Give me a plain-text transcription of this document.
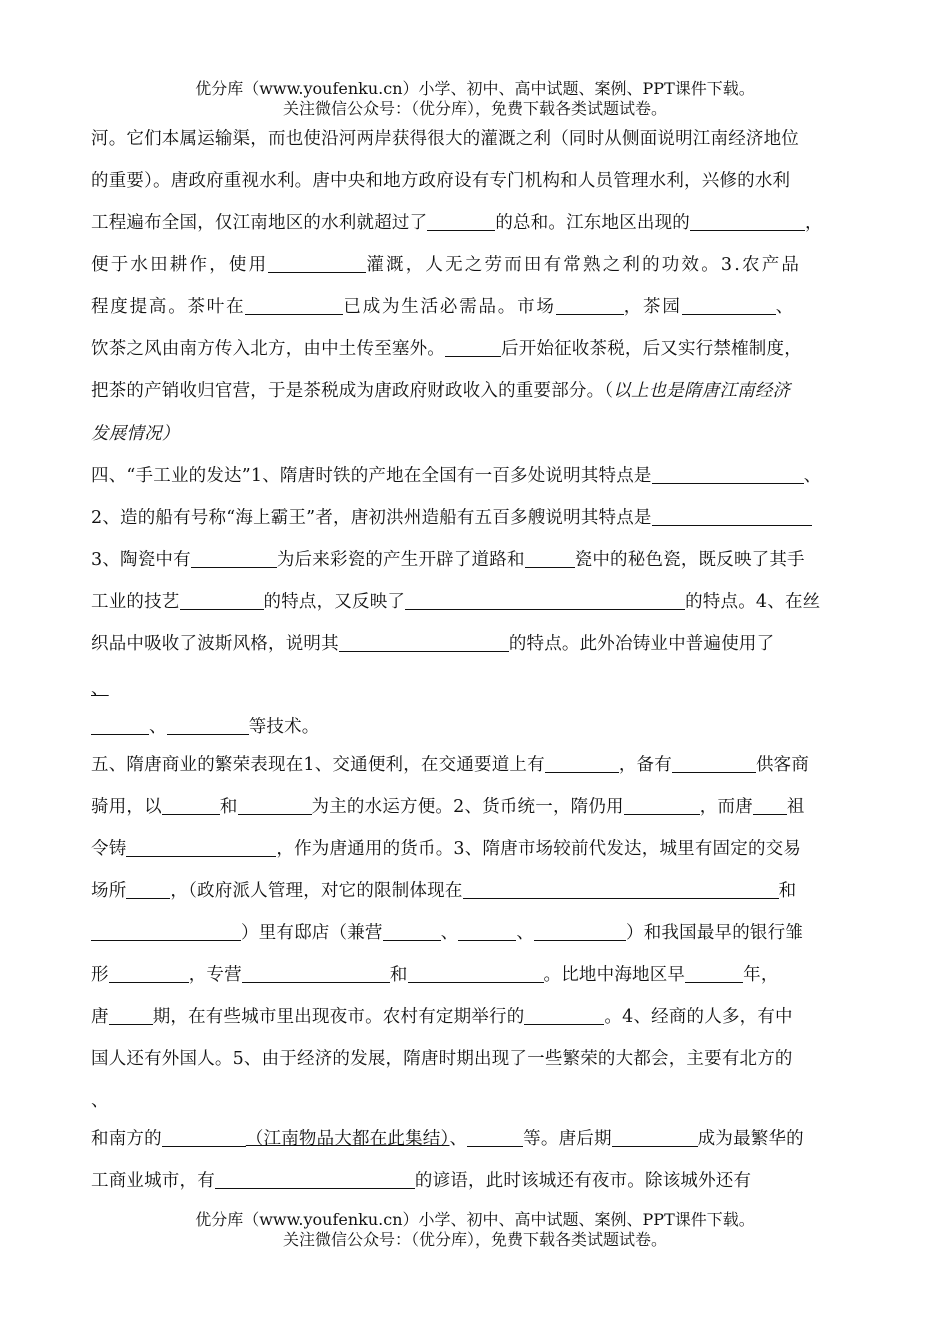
优分库（www.youfenku.cn）小学、初中、高中试题、案例、PPT课件下载。
关注微信公众号：（优分库），免费下载各类试题试卷。
河。它们本属运输渠，而也使沿河两岸获得很大的灌溉之利（同时从侧面说明江南经济地位
的重要）。唐政府重视水利。唐中央和地方政府设有专门机构和人员管理水利，兴修的水利
工程遍布全国，仅江南地区的水利就超过了	的总和。江东地区出现的	，
便于水田耕作，使用	灌溉，人无之劳而田有常熟之利的功效。3.农产品
程度提高。茶叶在	已成为生活必需品。市场	，茶园	、
饮茶之风由南方传入北方，由中土传至塞外。	后开始征收茶税，后又实行禁榷制度，
把茶的产销收归官营，于是茶税成为唐政府财政收入的重要部分。（以上也是隋唐江南经济
发展情况）
四、“手工业的发达”1、隋唐时铁的产地在全国有一百多处说明其特点是	、
2、造的船有号称“海上霸王”者，唐初洪州造船有五百多艘说明其特点是
3、陶瓷中有	为后来彩瓷的产生开辟了道路和	瓷中的秘色瓷，既反映了其手
工业的技艺	的特点，又反映了	的特点。4、在丝
织品中吸收了波斯风格，说明其	的特点。此外冶铸业中普遍使用了
、
、	等技术。
五、隋唐商业的繁荣表现在1、交通便利，在交通要道上有	，备有	供客商
骑用，以	和	为主的水运方便。2、货币统一，隋仍用	，而唐 祖
令铸	，作为唐通用的货币。3、隋唐市场较前代发达，城里有固定的交易
场所	，（政府派人管理，对它的限制体现在	和
）里有邸店（兼营	、	、	）和我国最早的银行雏
形	，专营	和	。比地中海地区早	年，
唐	期，在有些城市里出现夜市。农村有定期举行的	。4、经商的人多，有中
国人还有外国人。5、由于经济的发展，隋唐时期出现了一些繁荣的大都会，主要有北方的
、
和南方的	（江南物品大都在此集结）、	等。唐后期	成为最繁华的
工商业城市，有	的谚语，此时该城还有夜市。除该城外还有
优分库（www.youfenku.cn）小学、初中、高中试题、案例、PPT课件下载。
关注微信公众号：（优分库），免费下载各类试题试卷。
